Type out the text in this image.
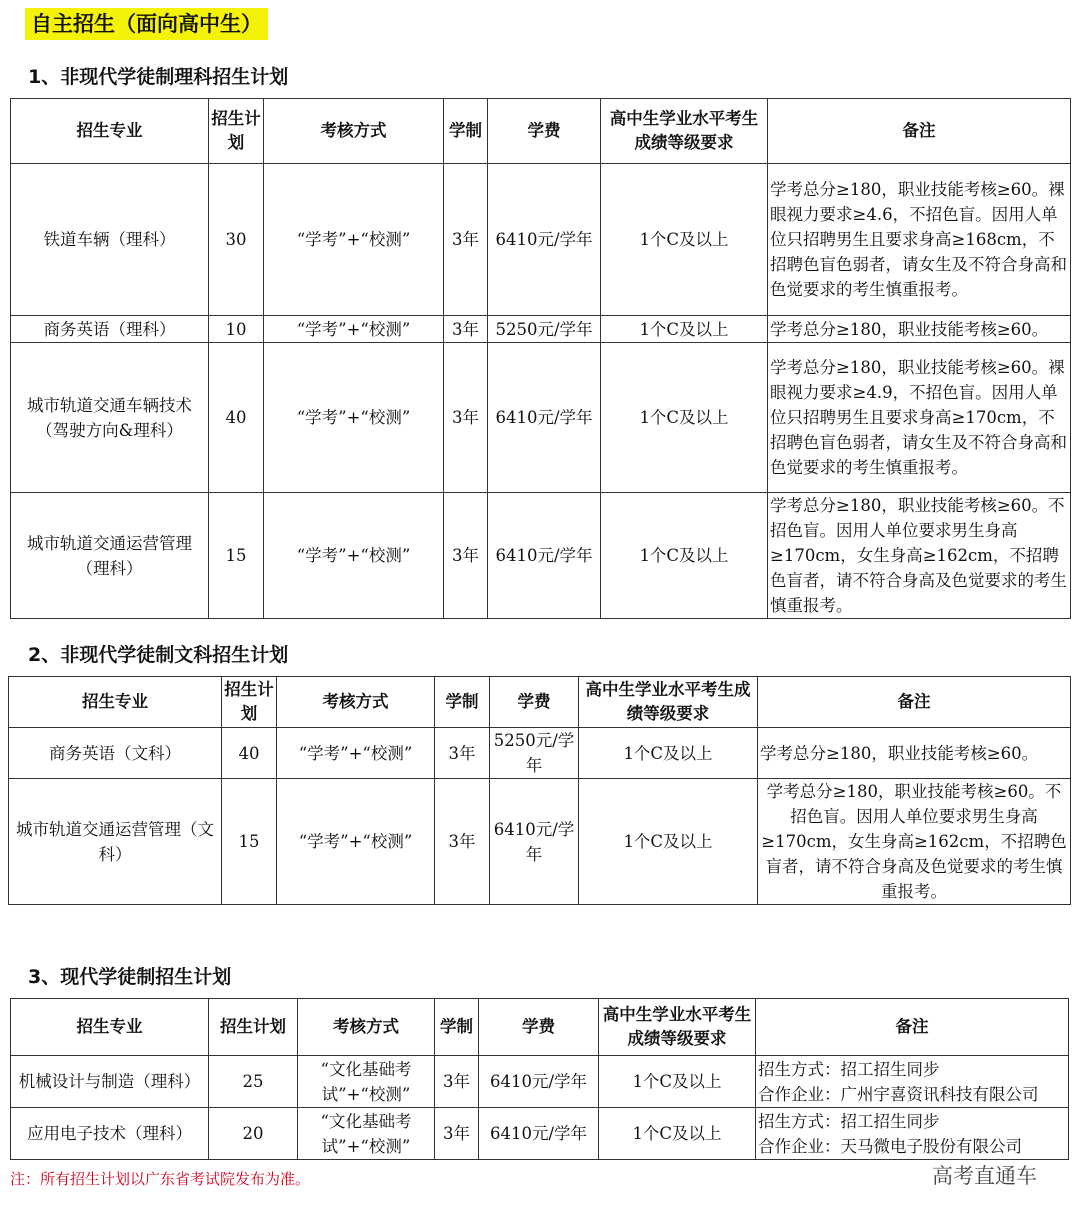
自主招生（面向高中生）
1、非现代学徒制理科招生计划
招生专业	招生计划	考核方式	学制	学费	高中生学业水平考生成绩等级要求	备注
铁道车辆（理科）	30	“学考”+“校测”	3年	6410元/学年	1个C及以上	学考总分≥180，职业技能考核≥60。裸眼视力要求≥4.6，不招色盲。因用人单位只招聘男生且要求身高≥168cm，不招聘色盲色弱者，请女生及不符合身高和色觉要求的考生慎重报考。
商务英语（理科）	10	“学考”+“校测”	3年	5250元/学年	1个C及以上	学考总分≥180，职业技能考核≥60。
城市轨道交通车辆技术（驾驶方向&理科）	40	“学考”+“校测”	3年	6410元/学年	1个C及以上	学考总分≥180，职业技能考核≥60。裸眼视力要求≥4.9，不招色盲。因用人单位只招聘男生且要求身高≥170cm，不招聘色盲色弱者，请女生及不符合身高和色觉要求的考生慎重报考。
城市轨道交通运营管理（理科）	15	“学考”+“校测”	3年	6410元/学年	1个C及以上	学考总分≥180，职业技能考核≥60。不招色盲。因用人单位要求男生身高≥170cm，女生身高≥162cm，不招聘色盲者，请不符合身高及色觉要求的考生慎重报考。
2、非现代学徒制文科招生计划
招生专业	招生计划	考核方式	学制	学费	高中生学业水平考生成绩等级要求	备注
商务英语（文科）	40	“学考”+“校测”	3年	5250元/学年	1个C及以上	学考总分≥180，职业技能考核≥60。
城市轨道交通运营管理（文科）	15	“学考”+“校测”	3年	6410元/学年	1个C及以上	学考总分≥180，职业技能考核≥60。不招色盲。因用人单位要求男生身高≥170cm，女生身高≥162cm，不招聘色盲者，请不符合身高及色觉要求的考生慎重报考。
3、现代学徒制招生计划
招生专业	招生计划	考核方式	学制	学费	高中生学业水平考生成绩等级要求	备注
机械设计与制造（理科）	25	“文化基础考试”+“校测”	3年	6410元/学年	1个C及以上	招生方式：招工招生同步
合作企业：广州宇喜资讯科技有限公司
应用电子技术（理科）	20	“文化基础考试”+“校测”	3年	6410元/学年	1个C及以上	招生方式：招工招生同步
合作企业：天马微电子股份有限公司
注：所有招生计划以广东省考试院发布为准。	高考直通车
